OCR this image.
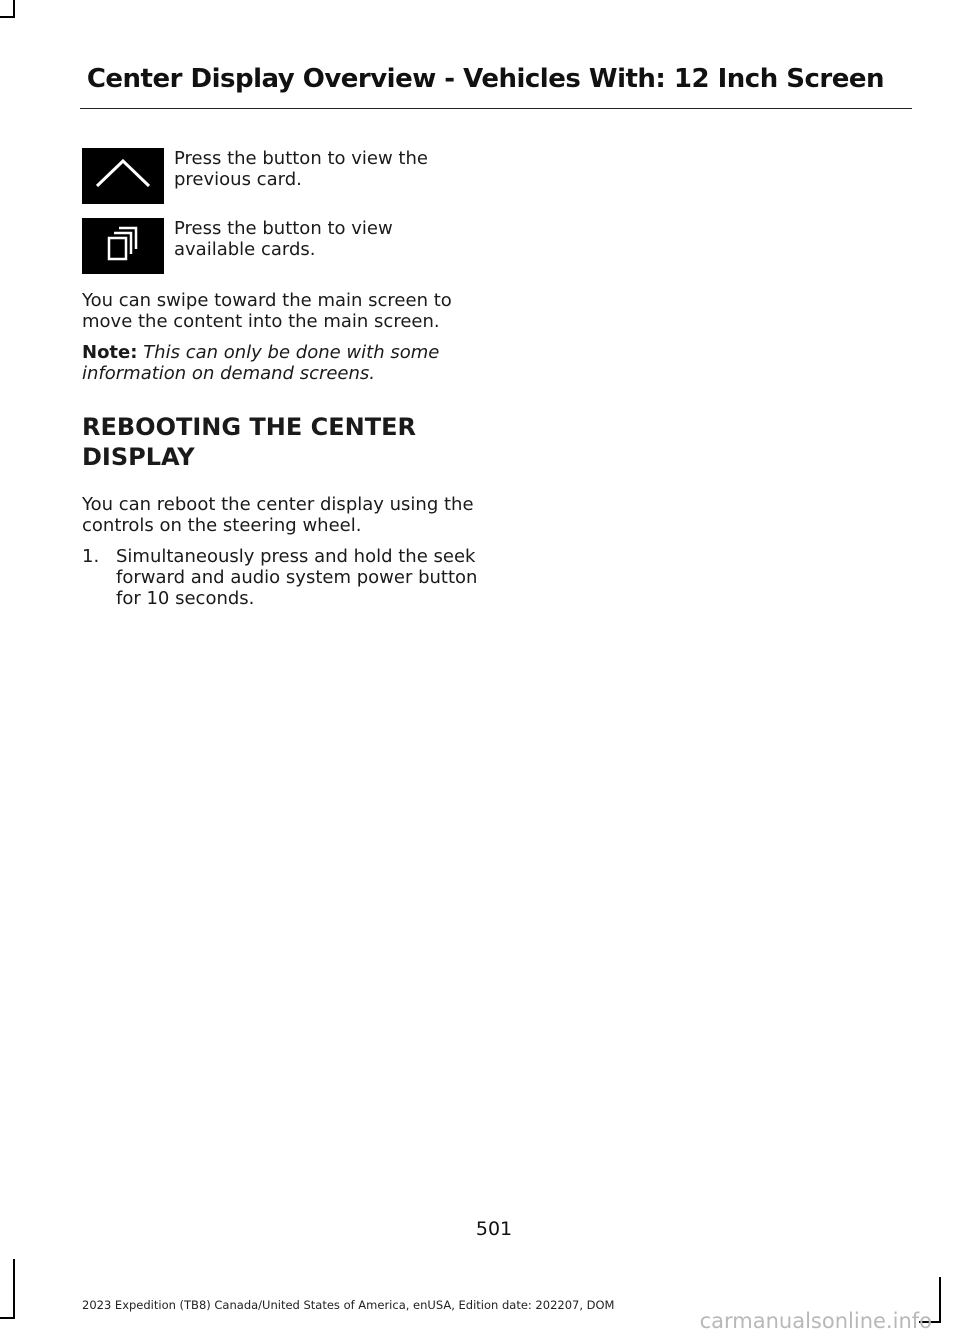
Center Display Overview - Vehicles With: 12 Inch Screen
Press the button to view the previous card.
Press the button to view available cards.

You can swipe toward the main screen to move the content into the main screen.

Note: This can only be done with some information on demand screens.

REBOOTING THE CENTER DISPLAY

You can reboot the center display using the controls on the steering wheel.

1. Simultaneously press and hold the seek forward and audio system power button for 10 seconds.
501
2023 Expedition (TB8) Canada/United States of America, enUSA, Edition date: 202207, DOM
carmanualsonline.info
